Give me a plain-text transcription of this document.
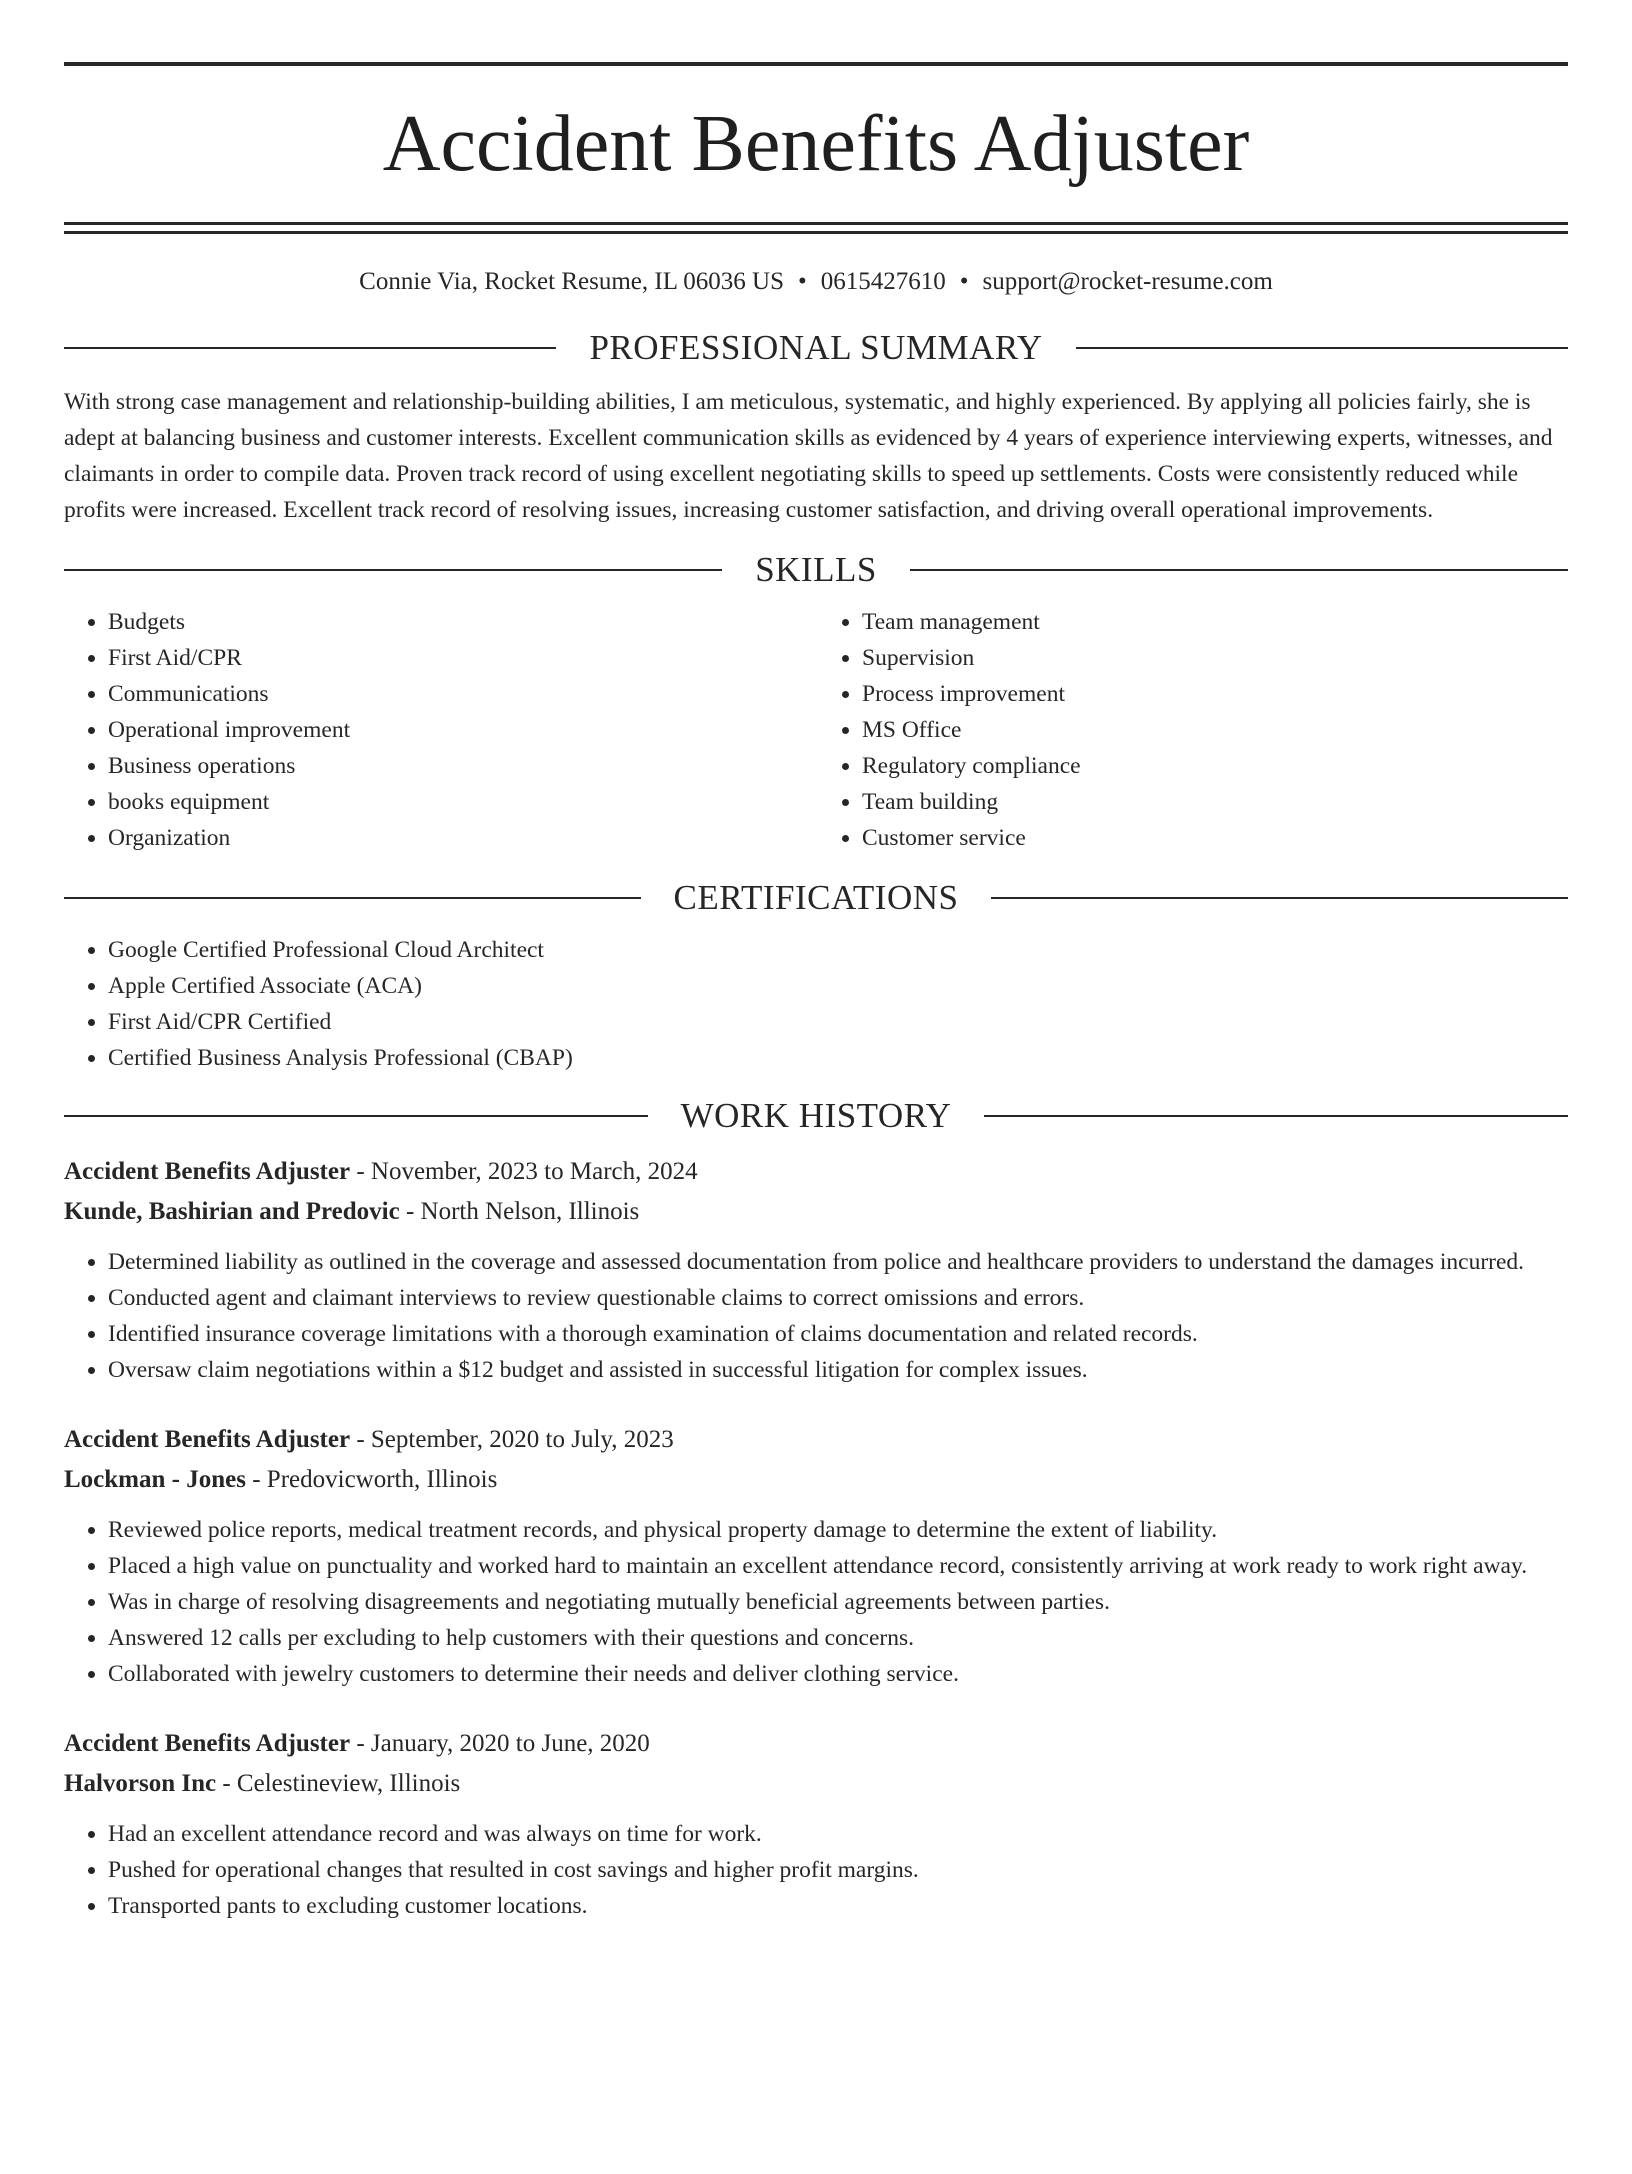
Accident Benefits Adjuster
Connie Via, Rocket Resume, IL 06036 US • 0615427610 • support@rocket-resume.com
PROFESSIONAL SUMMARY

With strong case management and relationship-building abilities, I am meticulous, systematic, and highly experienced. By applying all policies fairly, she is adept at balancing business and customer interests. Excellent communication skills as evidenced by 4 years of experience interviewing experts, witnesses, and claimants in order to compile data. Proven track record of using excellent negotiating skills to speed up settlements. Costs were consistently reduced while profits were increased. Excellent track record of resolving issues, increasing customer satisfaction, and driving overall operational improvements.

SKILLS
• Budgets
• First Aid/CPR
• Communications
• Operational improvement
• Business operations
• books equipment
• Organization
• Team management
• Supervision
• Process improvement
• MS Office
• Regulatory compliance
• Team building
• Customer service
CERTIFICATIONS
• Google Certified Professional Cloud Architect
• Apple Certified Associate (ACA)
• First Aid/CPR Certified
• Certified Business Analysis Professional (CBAP)
WORK HISTORY
Accident Benefits Adjuster - November, 2023 to March, 2024
Kunde, Bashirian and Predovic - North Nelson, Illinois
• Determined liability as outlined in the coverage and assessed documentation from police and healthcare providers to understand the damages incurred.
• Conducted agent and claimant interviews to review questionable claims to correct omissions and errors.
• Identified insurance coverage limitations with a thorough examination of claims documentation and related records.
• Oversaw claim negotiations within a $12 budget and assisted in successful litigation for complex issues.
Accident Benefits Adjuster - September, 2020 to July, 2023
Lockman - Jones - Predovicworth, Illinois
• Reviewed police reports, medical treatment records, and physical property damage to determine the extent of liability.
• Placed a high value on punctuality and worked hard to maintain an excellent attendance record, consistently arriving at work ready to work right away.
• Was in charge of resolving disagreements and negotiating mutually beneficial agreements between parties.
• Answered 12 calls per excluding to help customers with their questions and concerns.
• Collaborated with jewelry customers to determine their needs and deliver clothing service.
Accident Benefits Adjuster - January, 2020 to June, 2020
Halvorson Inc - Celestineview, Illinois
• Had an excellent attendance record and was always on time for work.
• Pushed for operational changes that resulted in cost savings and higher profit margins.
• Transported pants to excluding customer locations.
